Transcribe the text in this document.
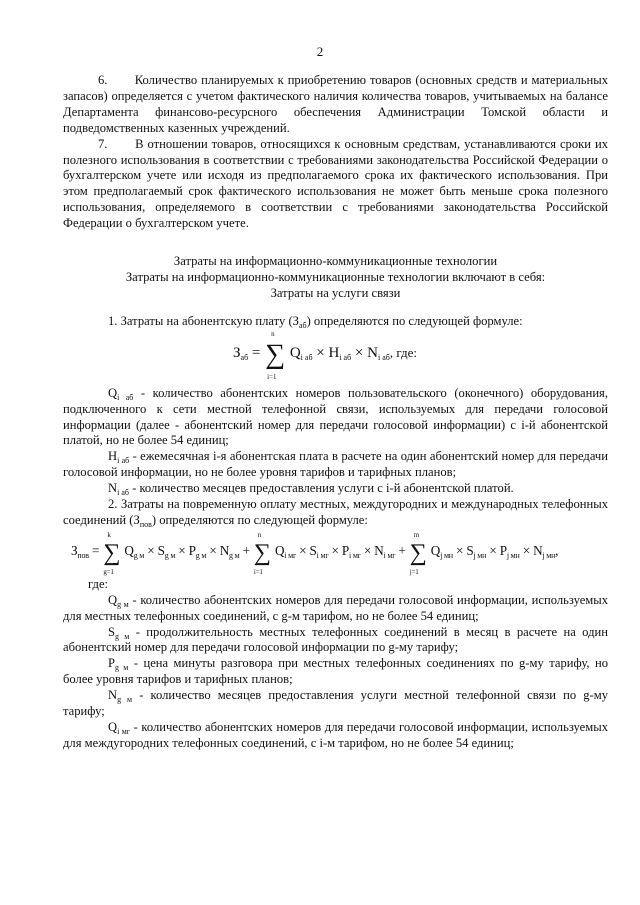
2

6.       Количество планируемых к приобретению товаров (основных средств и материальных запасов) определяется с учетом фактического наличия количества товаров, учитываемых на балансе Департамента финансово-ресурсного обеспечения Администрации Томской области и подведомственных казенных учреждений.

7.       В отношении товаров, относящихся к основным средствам, устанавливаются сроки их полезного использования в соответствии с требованиями законодательства Российской Федерации о бухгалтерском учете или исходя из предполагаемого срока их фактического использования. При этом предполагаемый срок фактического использования не может быть меньше срока полезного использования, определяемого в соответствии с требованиями законодательства Российской Федерации о бухгалтерском учете.

Затраты на информационно-коммуникационные технологии

Затраты на информационно-коммуникационные технологии включают в себя:

Затраты на услуги связи

1. Затраты на абонентскую плату $(З_{аб})$ определяются по следующей формуле:

$З_{аб}$ = ∑
n
i=1
$Q_{i аб} \times H_{i аб} \times N_{i аб}$, где:

$Q_{i аб}$ - количество абонентских номеров пользовательского (оконечного) оборудования, подключенного к сети местной телефонной связи, используемых для передачи голосовой информации (далее - абонентский номер для передачи голосовой информации) с i-й абонентской платой, но не более 54 единиц;

$H_{i аб}$ - ежемесячная i-я абонентская плата в расчете на один абонентский номер для передачи голосовой информации, но не более уровня тарифов и тарифных планов;

$N_{i аб}$ - количество месяцев предоставления услуги с i-й абонентской платой.

2. Затраты на повременную оплату местных, междугородних и международных телефонных соединений $(З_{пов})$ определяются по следующей формуле:

$З_{пов}$ = ∑
k
g=1
$Q_{g м} \times S_{g м} \times P_{g м} \times N_{g м}$ + ∑
n
i=1
$Q_{i мг} \times S_{i мг} \times P_{i мг} \times N_{i мг}$ + ∑
m
j=1
$Q_{j мн} \times S_{j мн} \times P_{j мн} \times N_{j мн}$,

где:

$Q_{g м}$ - количество абонентских номеров для передачи голосовой информации, используемых для местных телефонных соединений, с g-м тарифом, но не более 54 единиц;

$S_{g м}$ - продолжительность местных телефонных соединений в месяц в расчете на один абонентский номер для передачи голосовой информации по g-му тарифу;

$P_{g м}$ - цена минуты разговора при местных телефонных соединениях по g-му тарифу, но более уровня тарифов и тарифных планов;

$N_{g м}$ - количество месяцев предоставления услуги местной телефонной связи по g-му тарифу;

$Q_{i мг}$ - количество абонентских номеров для передачи голосовой информации, используемых для междугородних телефонных соединений, с i-м тарифом, но не более 54 единиц;
